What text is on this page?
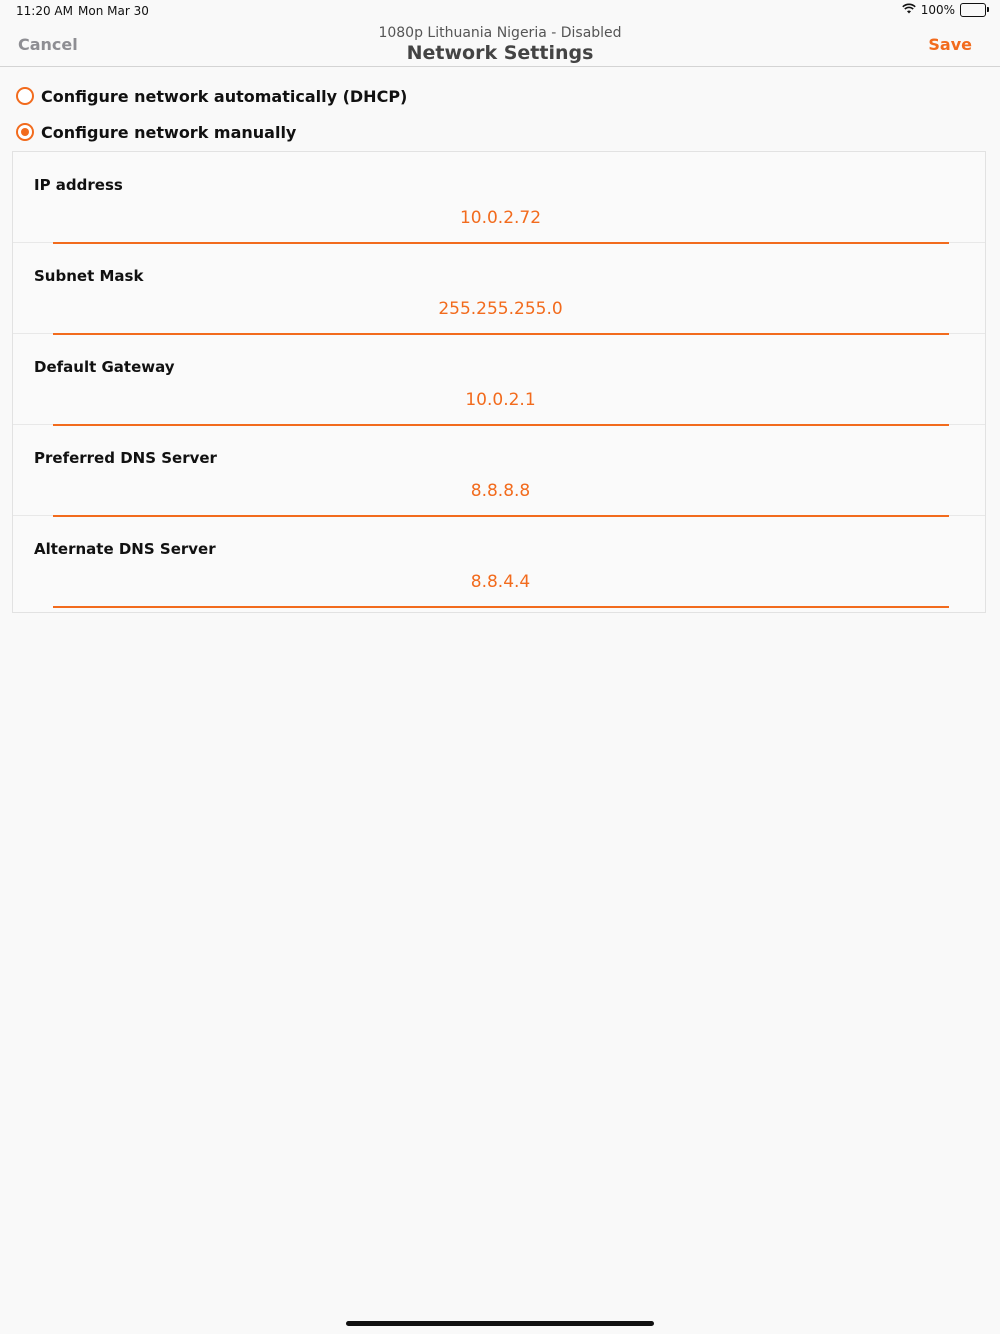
11:20 AM Mon Mar 30	100%
Cancel
1080p Lithuania Nigeria - Disabled
Network Settings	Save
Configure network automatically (DHCP)
Configure network manually
IP address
10.0.2.72
Subnet Mask
255.255.255.0
Default Gateway
10.0.2.1
Preferred DNS Server
8.8.8.8
Alternate DNS Server
8.8.4.4
